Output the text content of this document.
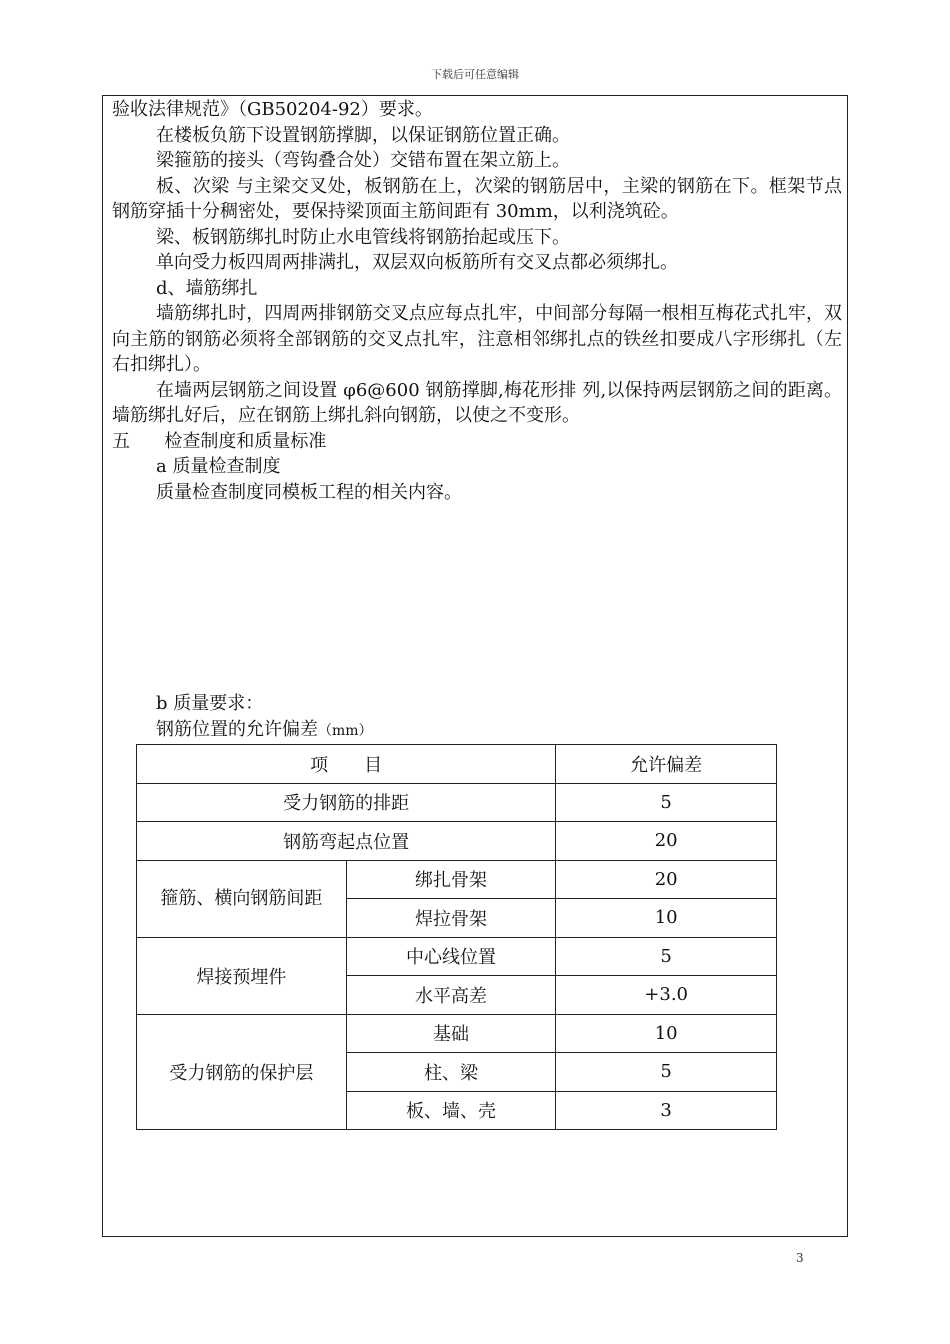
下载后可任意编辑

验收法律规范》（GB50204-92）要求。

在楼板负筋下设置钢筋撑脚，以保证钢筋位置正确。

梁箍筋的接头（弯钩叠合处）交错布置在架立筋上。

板、次梁 与主梁交叉处，板钢筋在上，次梁的钢筋居中，主梁的钢筋在下。框架节点钢筋穿插十分稠密处，要保持梁顶面主筋间距有 30mm，以利浇筑砼。

梁、板钢筋绑扎时防止水电管线将钢筋抬起或压下。

单向受力板四周两排满扎，双层双向板筋所有交叉点都必须绑扎。

d、墙筋绑扎

墙筋绑扎时，四周两排钢筋交叉点应每点扎牢，中间部分每隔一根相互梅花式扎牢，双向主筋的钢筋必须将全部钢筋的交叉点扎牢，注意相邻绑扎点的铁丝扣要成八字形绑扎（左右扣绑扎）。

在墙两层钢筋之间设置 φ6@600 钢筋撑脚,梅花形排 列,以保持两层钢筋之间的距离。墙筋绑扎好后，应在钢筋上绑扎斜向钢筋，以使之不变形。

五 检查制度和质量标准

a 质量检查制度

质量检查制度同模板工程的相关内容。

b 质量要求：

钢筋位置的允许偏差（mm）

项　　目		允许偏差
受力钢筋的排距		5
钢筋弯起点位置		20
箍筋、横向钢筋间距	绑扎骨架	20
	焊拉骨架	10
焊接预埋件	中心线位置	5
	水平高差	+3.0
受力钢筋的保护层	基础	10
	柱、梁	5
	板、墙、壳	3
3
